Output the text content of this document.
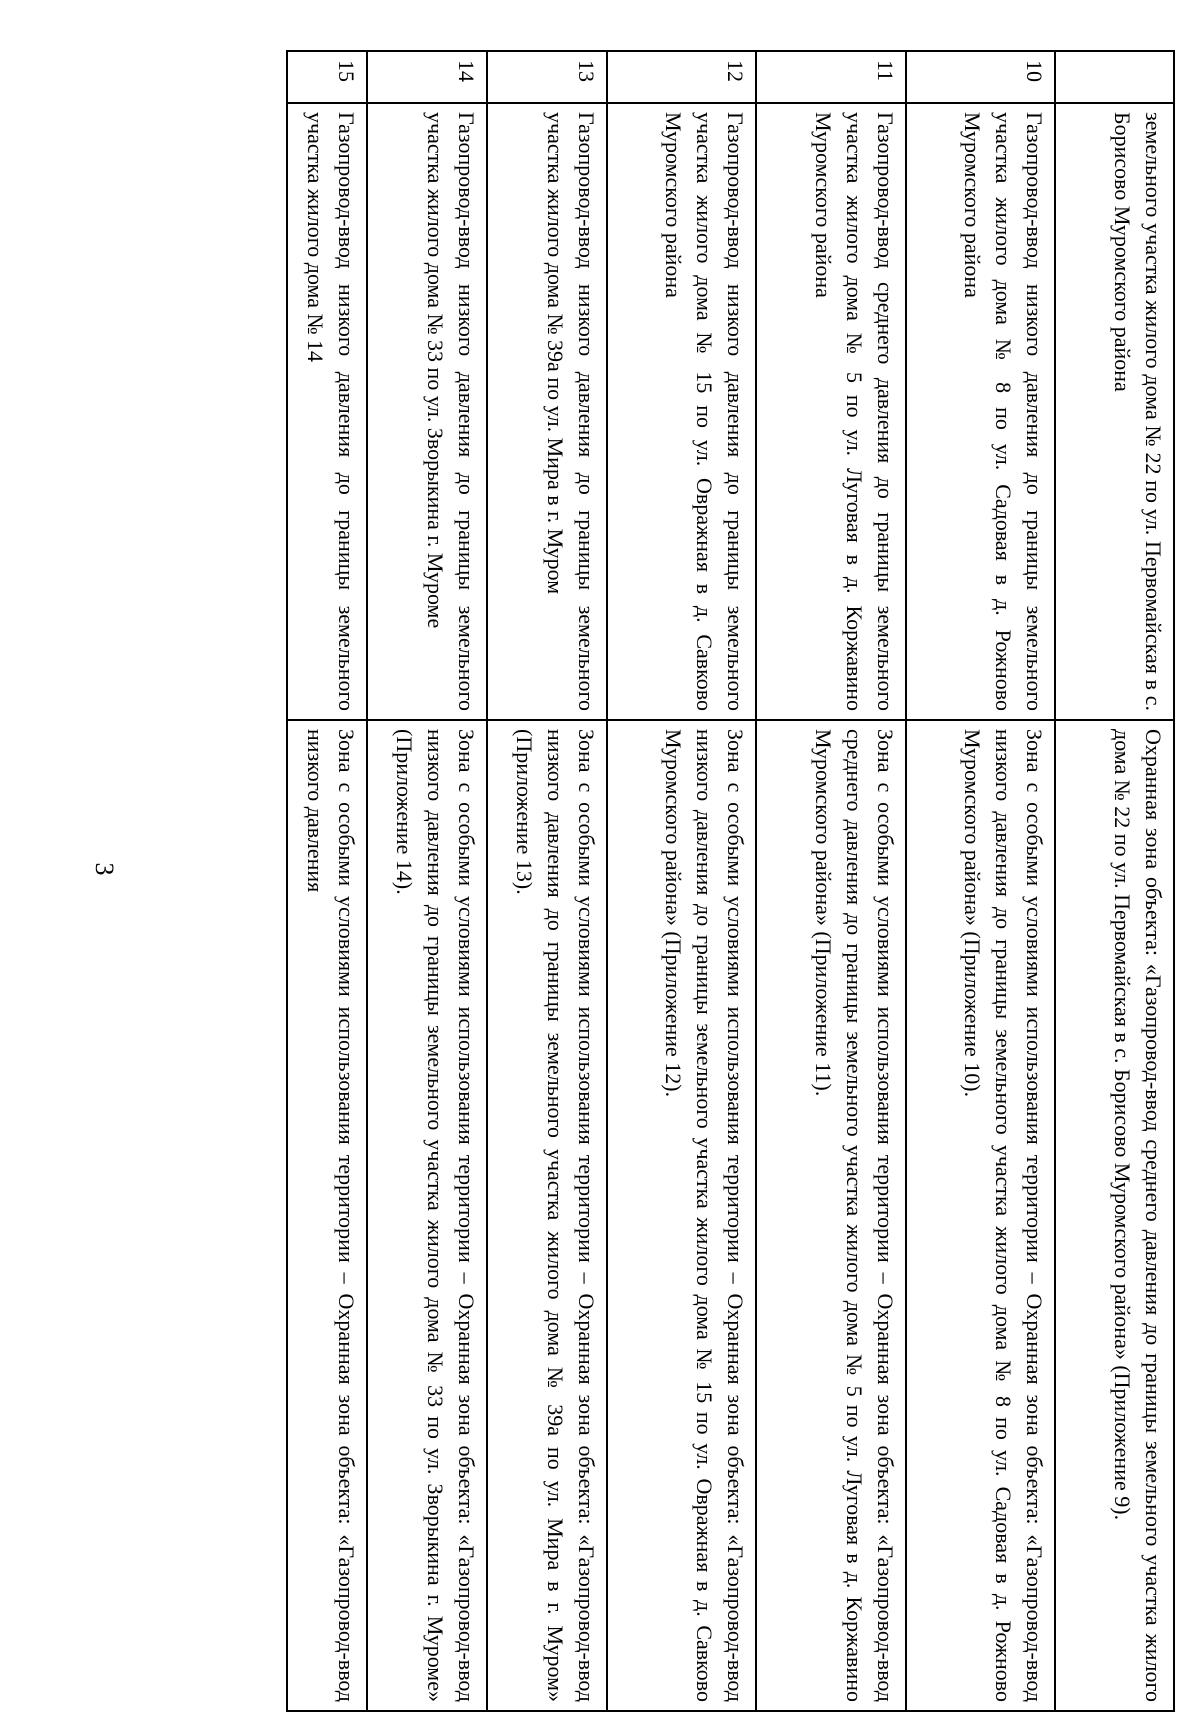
3

	земельного участка жилого дома № 22 по ул. Первомайская в с. Борисово Муромского района	Охранная зона объекта: «Газопровод-ввод среднего давления до границы земельного участка жилого дома № 22 по ул. Первомайская в с. Борисово Муромского района» (Приложение 9).

10	Газопровод-ввод низкого давления до границы земельного участка жилого дома № 8 по ул. Садовая в д. Рожново Муромского района	Зона с особыми условиями использования территории – Охранная зона объекта: «Газопровод-ввод низкого давления до границы земельного участка жилого дома № 8 по ул. Садовая в д. Рожново Муромского района» (Приложение 10).

11	Газопровод-ввод среднего давления до границы земельного участка жилого дома № 5 по ул. Луговая в д. Коржавино Муромского района	Зона с особыми условиями использования территории – Охранная зона объекта: «Газопровод-ввод среднего давления до границы земельного участка жилого дома № 5 по ул. Луговая в д. Коржавино Муромского района» (Приложение 11).

12	Газопровод-ввод низкого давления до границы земельного участка жилого дома № 15 по ул. Овражная в д. Савково Муромского района	Зона с особыми условиями использования территории – Охранная зона объекта: «Газопровод-ввод низкого давления до границы земельного участка жилого дома № 15 по ул. Овражная в д. Савково Муромского района» (Приложение 12).

13	Газопровод-ввод низкого давления до границы земельного участка жилого дома № 39а по ул. Мира в г. Муром	Зона с особыми условиями использования территории – Охранная зона объекта: «Газопровод-ввод низкого давления до границы земельного участка жилого дома № 39а по ул. Мира в г. Муром» (Приложение 13).

14	Газопровод-ввод низкого давления до границы земельного участка жилого дома № 33 по ул. Зворыкина г. Муроме	Зона с особыми условиями использования территории – Охранная зона объекта: «Газопровод-ввод низкого давления до границы земельного участка жилого дома № 33 по ул. Зворыкина г. Муроме» (Приложение 14).

15	Газопровод-ввод низкого давления до границы земельного участка жилого дома № 14	Зона с особыми условиями использования территории – Охранная зона объекта: «Газопровод-ввод низкого давления
